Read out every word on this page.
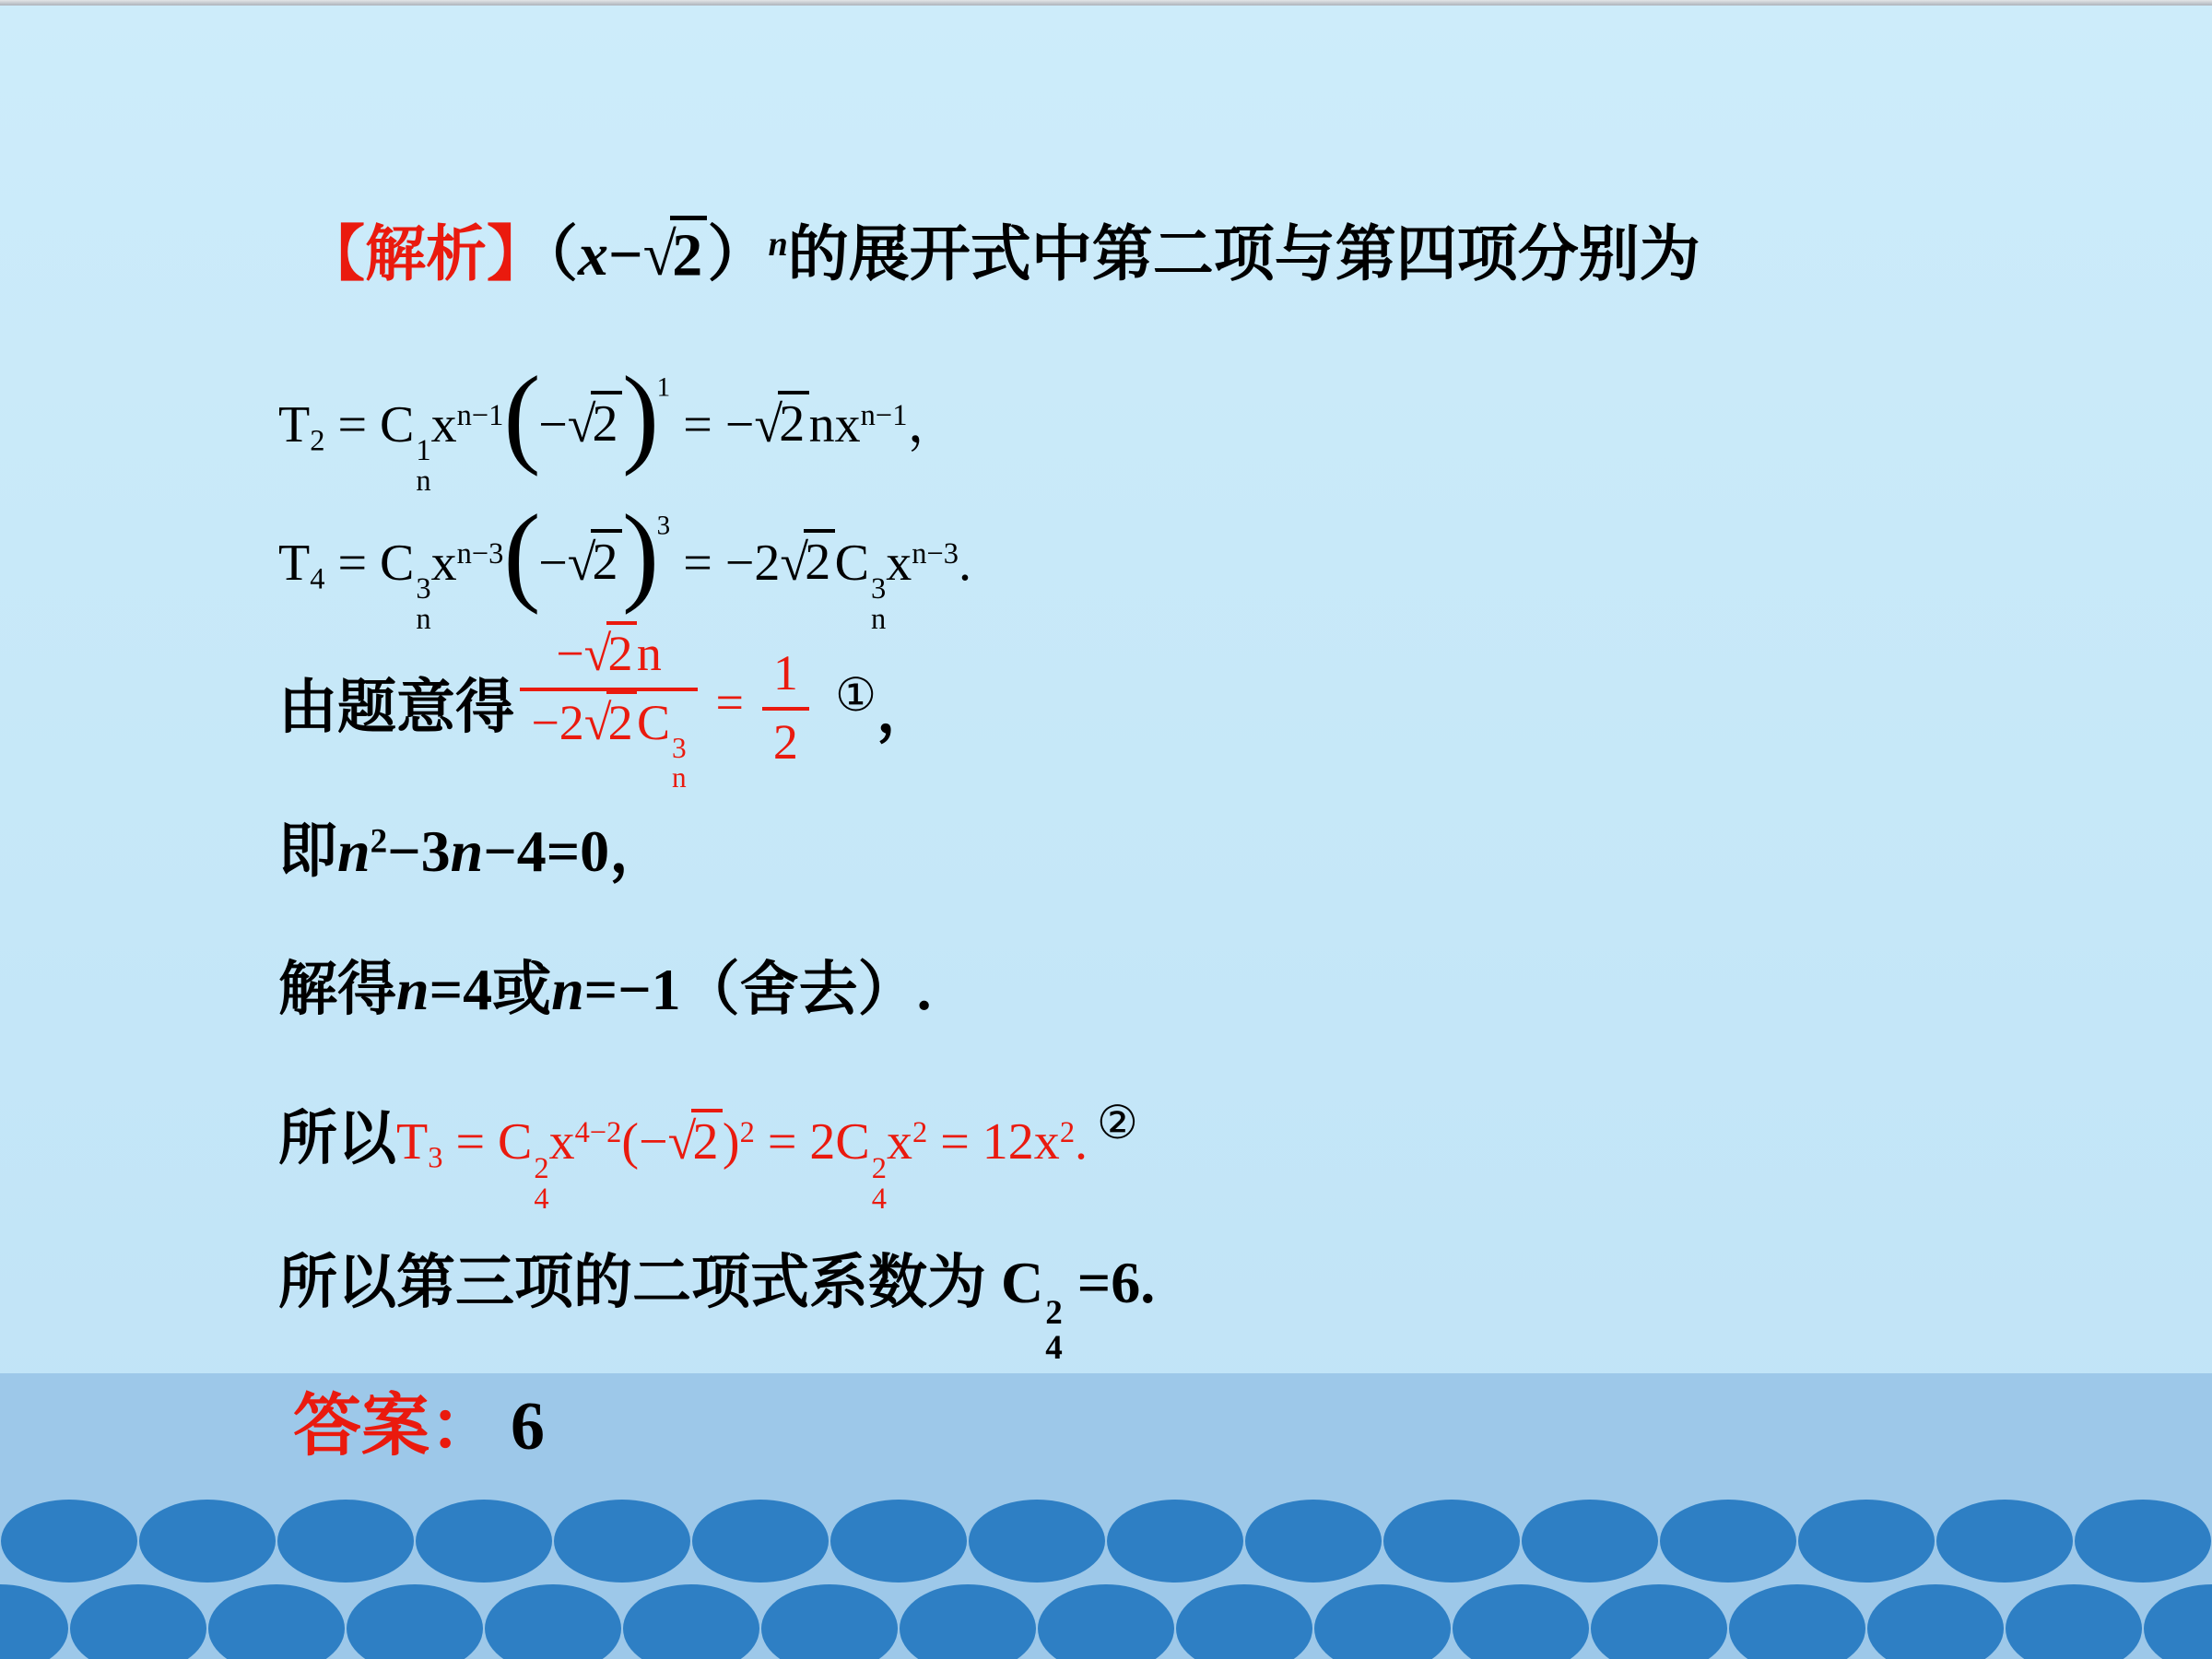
【解析】$(x-√2)^n$的展开式中第二项与第四项分别为
$T_2 = C$ 1
n
$x^{n-1}(-√2)^1 = -√2nx^{n-1}$，
$T_4 = C$ 3
n
$x^{n-3}(-√2)^3 = -2√2C$ 3
n
$x^{n-3}$.
由题意得 −√2n
−2√2C 3
$n = \frac{1}{2} ^①$，
即$n^2-3n-4=0$，
解得n=4或n=−1（舍去）.
所以 $T_3 = C$ 2
4
$x^{4-2}(-√2)^2 = 2C$ 2
4
$x^2 = 12x^2$. ②
所以第三项的二项式系数为 C 2
4
=6.
答案： 6
